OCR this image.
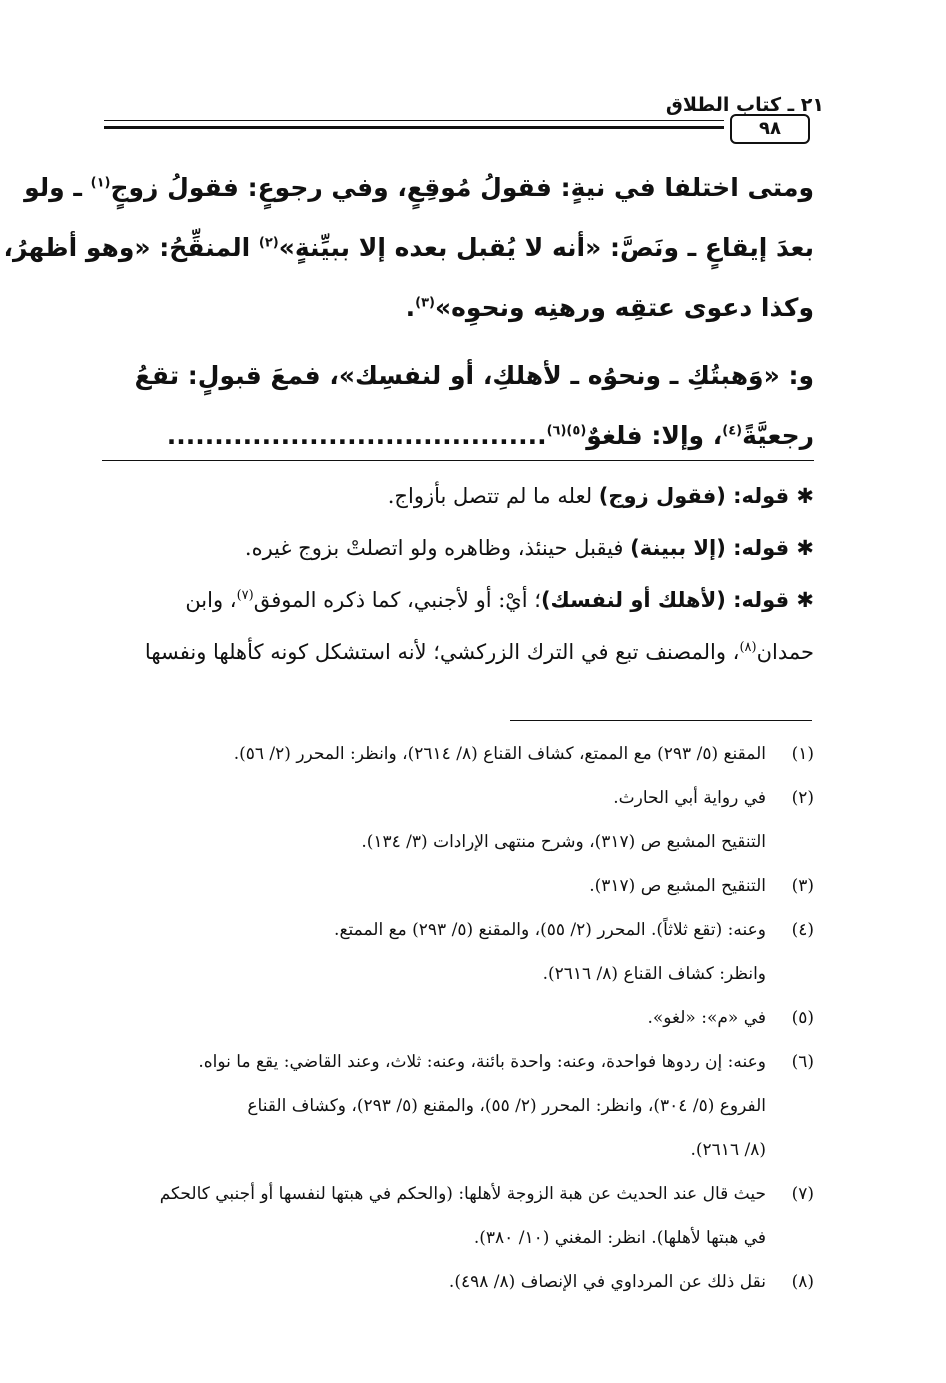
٢١ ـ كتاب الطلاق
٩٨
ومتى اختلفا في نيةٍ: فقولُ مُوقِعٍ، وفي رجوعٍ: فقولُ زوجٍ$^{(١)}$ ـ ولو
بعدَ إيقاعٍ ـ ونَصَّ: «أنه لا يُقبل بعده إلا ببيِّنةٍ»$^{(٢)}$ المنقِّحُ: «وهو أظهرُ،
وكذا دعوى عتقِه ورهنِه ونحوِه»$^{(٣)}$.
و: «وَهبتُكِ ـ ونحوُه ـ لأهلكِ، أو لنفسِك»، فمعَ قبولٍ: تقعُ
رجعيَّةً$^{(٤)}$، وإلا: فلغوٌ$^{(٥)(٦)}$........................................
✱ قوله: (فقول زوج) لعله ما لم تتصل بأزواج.
✱ قوله: (إلا ببينة) فيقبل حينئذ، وظاهره ولو اتصلتْ بزوج غيره.
✱ قوله: (لأهلك أو لنفسك)؛ أيْ: أو لأجنبي، كما ذكره الموفق$^{(٧)}$، وابن
حمدان$^{(٨)}$، والمصنف تبع في الترك الزركشي؛ لأنه استشكل كونه كأهلها ونفسها
(١)
المقنع (٥/ ٢٩٣) مع الممتع، كشاف القناع (٨/ ٢٦١٤)، وانظر: المحرر (٢/ ٥٦).
(٢)
في رواية أبي الحارث.
التنقيح المشبع ص (٣١٧)، وشرح منتهى الإرادات (٣/ ١٣٤).
(٣)
التنقيح المشبع ص (٣١٧).
(٤)
وعنه: (تقع ثلاثاً). المحرر (٢/ ٥٥)، والمقنع (٥/ ٢٩٣) مع الممتع.
وانظر: كشاف القناع (٨/ ٢٦١٦).
(٥)
في «م»: «لغو».
(٦)
وعنه: إن ردوها فواحدة، وعنه: واحدة بائنة، وعنه: ثلاث، وعند القاضي: يقع ما نواه.
الفروع (٥/ ٣٠٤)، وانظر: المحرر (٢/ ٥٥)، والمقنع (٥/ ٢٩٣)، وكشاف القناع
(٨/ ٢٦١٦).
(٧)
حيث قال عند الحديث عن هبة الزوجة لأهلها: (والحكم في هبتها لنفسها أو أجنبي كالحكم
في هبتها لأهلها). انظر: المغني (١٠/ ٣٨٠).
(٨)
نقل ذلك عن المرداوي في الإنصاف (٨/ ٤٩٨).
